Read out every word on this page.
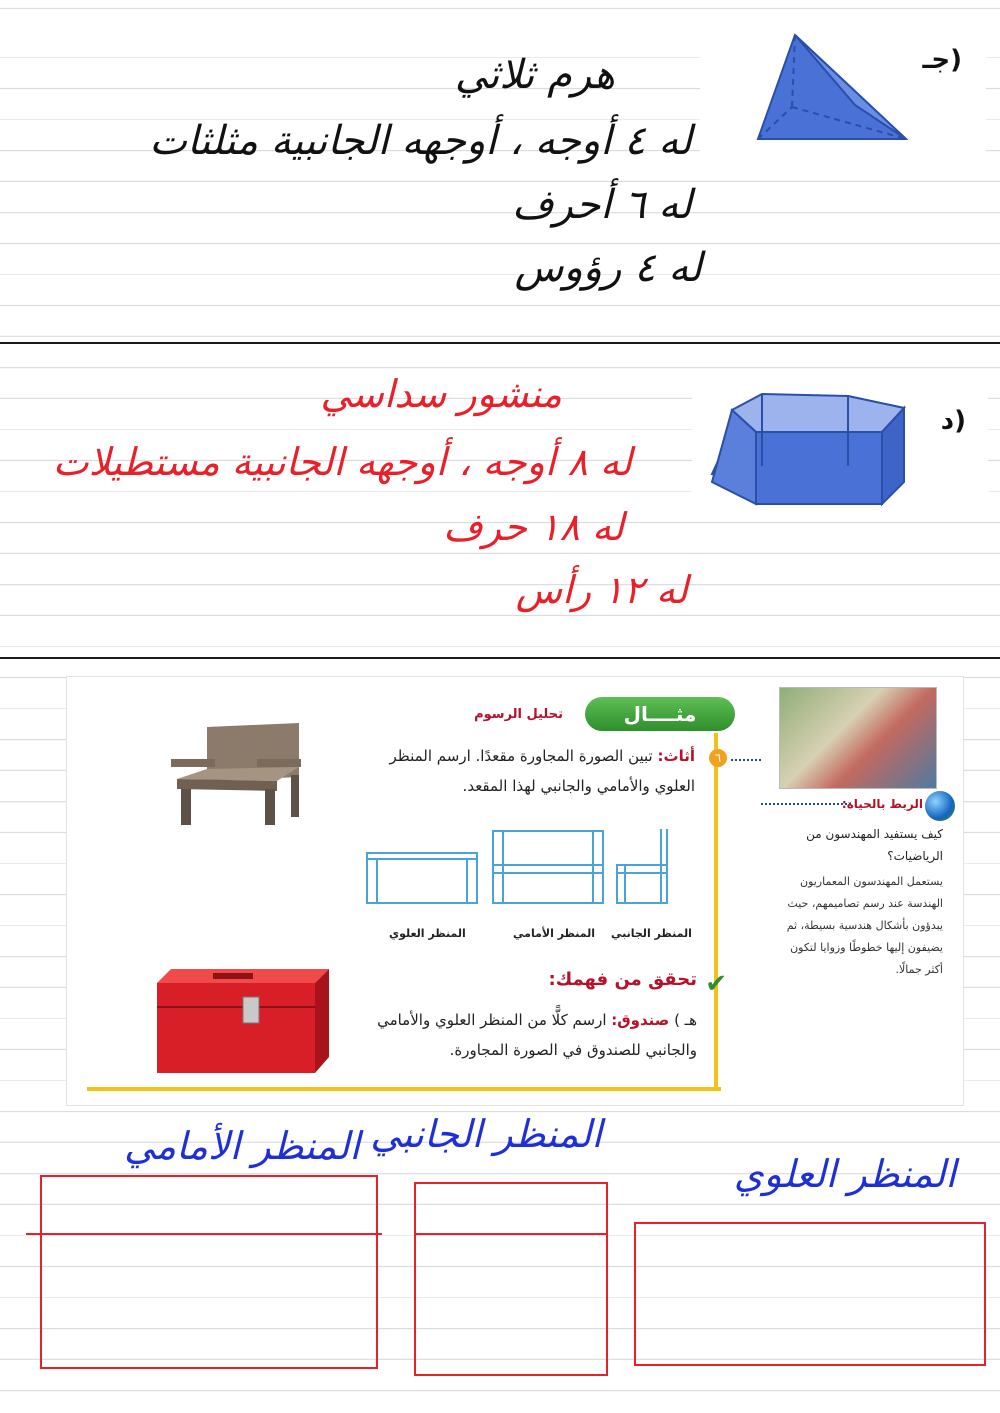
(جـ
هرم ثلاثي
له ٤ أوجه ، أوجهه الجانبية مثلثات
له ٦ أحرف
له ٤ رؤوس
(د
منشور سداسي
له ٨ أوجه ، أوجهه الجانبية مستطيلات
له ١٨ حرف
له ١٢ رأس
مثــــال
تحليل الرسوم
٦
أثاث: تبين الصورة المجاورة مقعدًا. ارسم المنظر
العلوي والأمامي والجانبي لهذا المقعد.
المنظر العلوي	المنظر الأمامي المنظر الجانبي
✔
تحقق من فهمك:
هـ ) صندوق: ارسم كلًّا من المنظر العلوي والأمامي
والجانبي للصندوق في الصورة المجاورة.
الربط بالحياة:
كيف يستفيد المهندسون من الرياضيات؟
يستعمل المهندسون المعماريون الهندسة عند رسم تصاميمهم، حيث يبدؤون بأشكال هندسية بسيطة، ثم يضيفون إليها خطوطًا وزوايا لتكون أكثر جمالًا.
المنظر الأمامي المنظر الجانبي
المنظر العلوي
